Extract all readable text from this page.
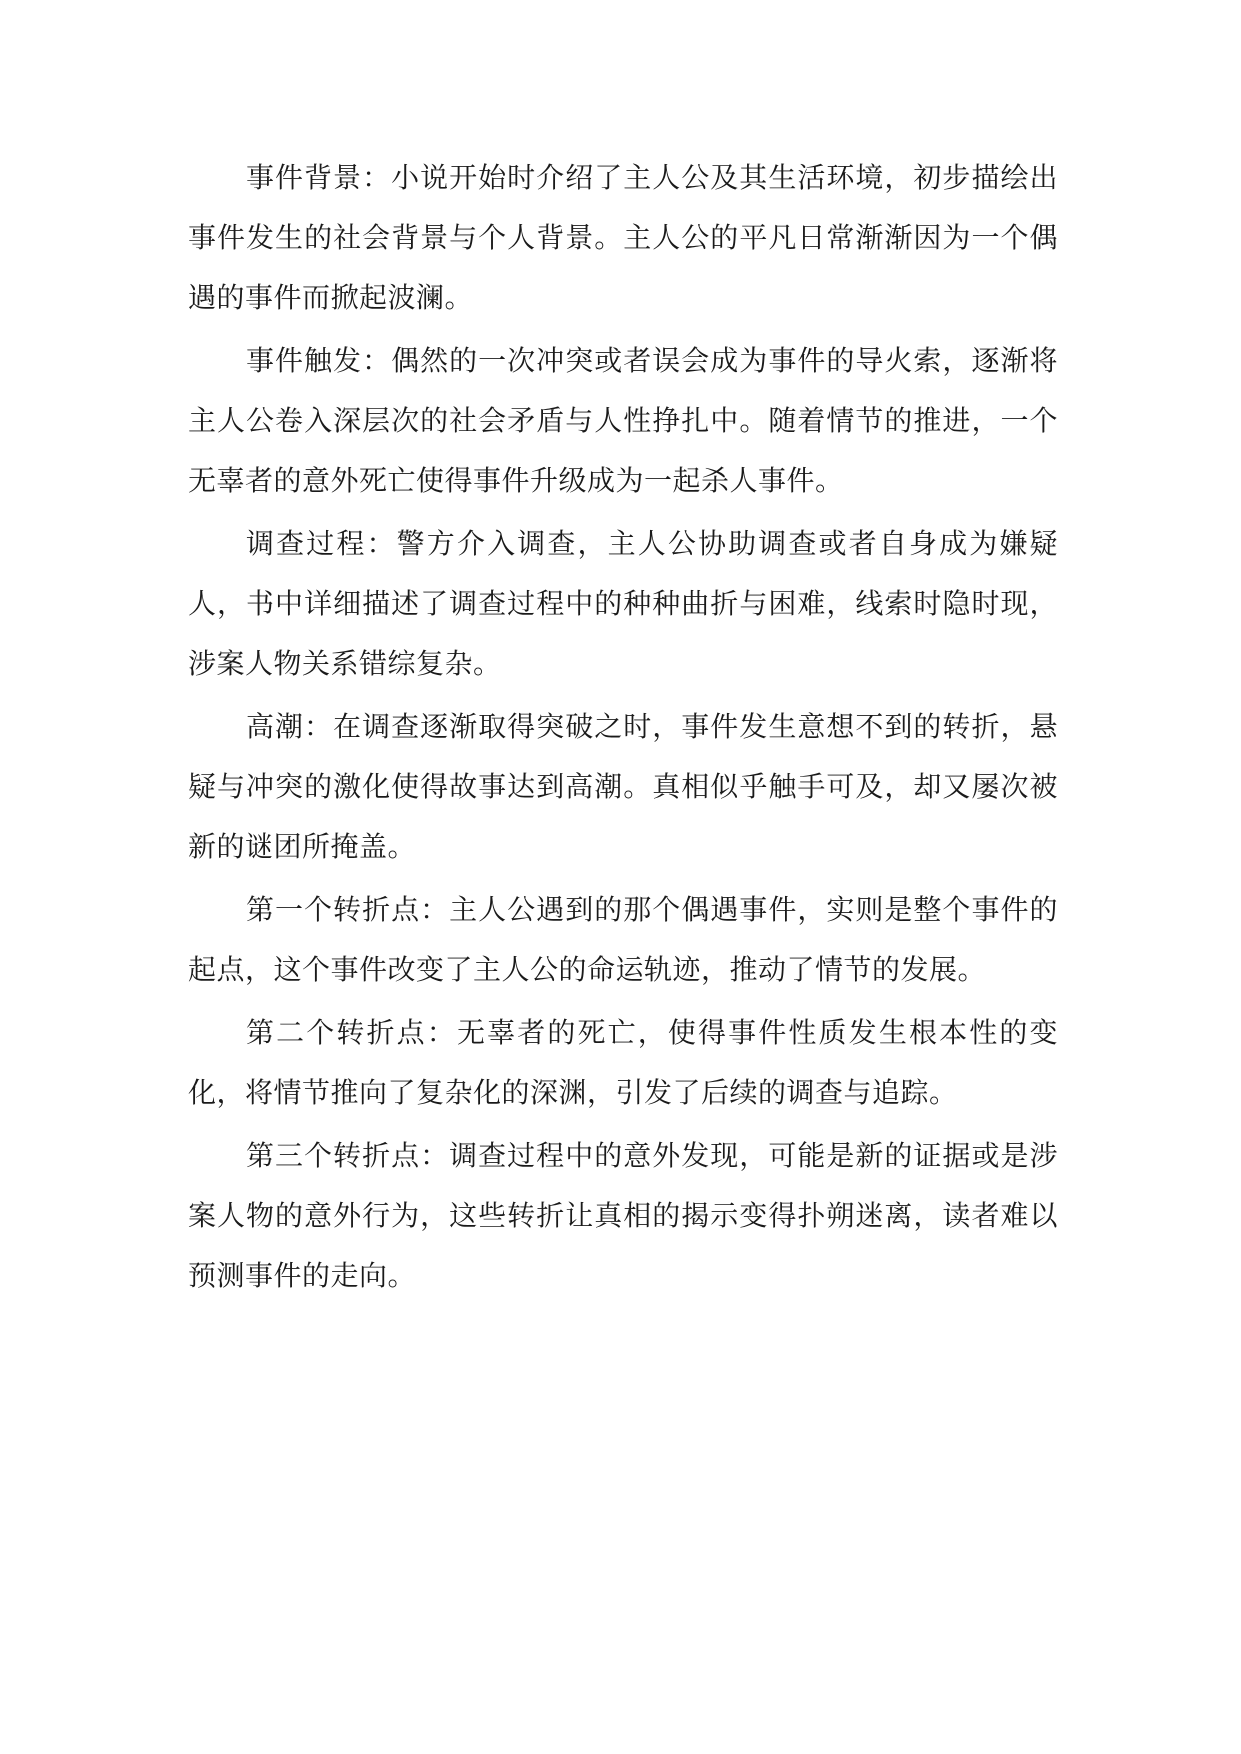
事件背景：小说开始时介绍了主人公及其生活环境，初步描绘出事件发生的社会背景与个人背景。主人公的平凡日常渐渐因为一个偶遇的事件而掀起波澜。

事件触发：偶然的一次冲突或者误会成为事件的导火索，逐渐将主人公卷入深层次的社会矛盾与人性挣扎中。随着情节的推进，一个无辜者的意外死亡使得事件升级成为一起杀人事件。

调查过程：警方介入调查，主人公协助调查或者自身成为嫌疑人，书中详细描述了调查过程中的种种曲折与困难，线索时隐时现，涉案人物关系错综复杂。

高潮：在调查逐渐取得突破之时，事件发生意想不到的转折，悬疑与冲突的激化使得故事达到高潮。真相似乎触手可及，却又屡次被新的谜团所掩盖。

第一个转折点：主人公遇到的那个偶遇事件，实则是整个事件的起点，这个事件改变了主人公的命运轨迹，推动了情节的发展。

第二个转折点：无辜者的死亡，使得事件性质发生根本性的变化，将情节推向了复杂化的深渊，引发了后续的调查与追踪。

第三个转折点：调查过程中的意外发现，可能是新的证据或是涉案人物的意外行为，这些转折让真相的揭示变得扑朔迷离，读者难以预测事件的走向。
